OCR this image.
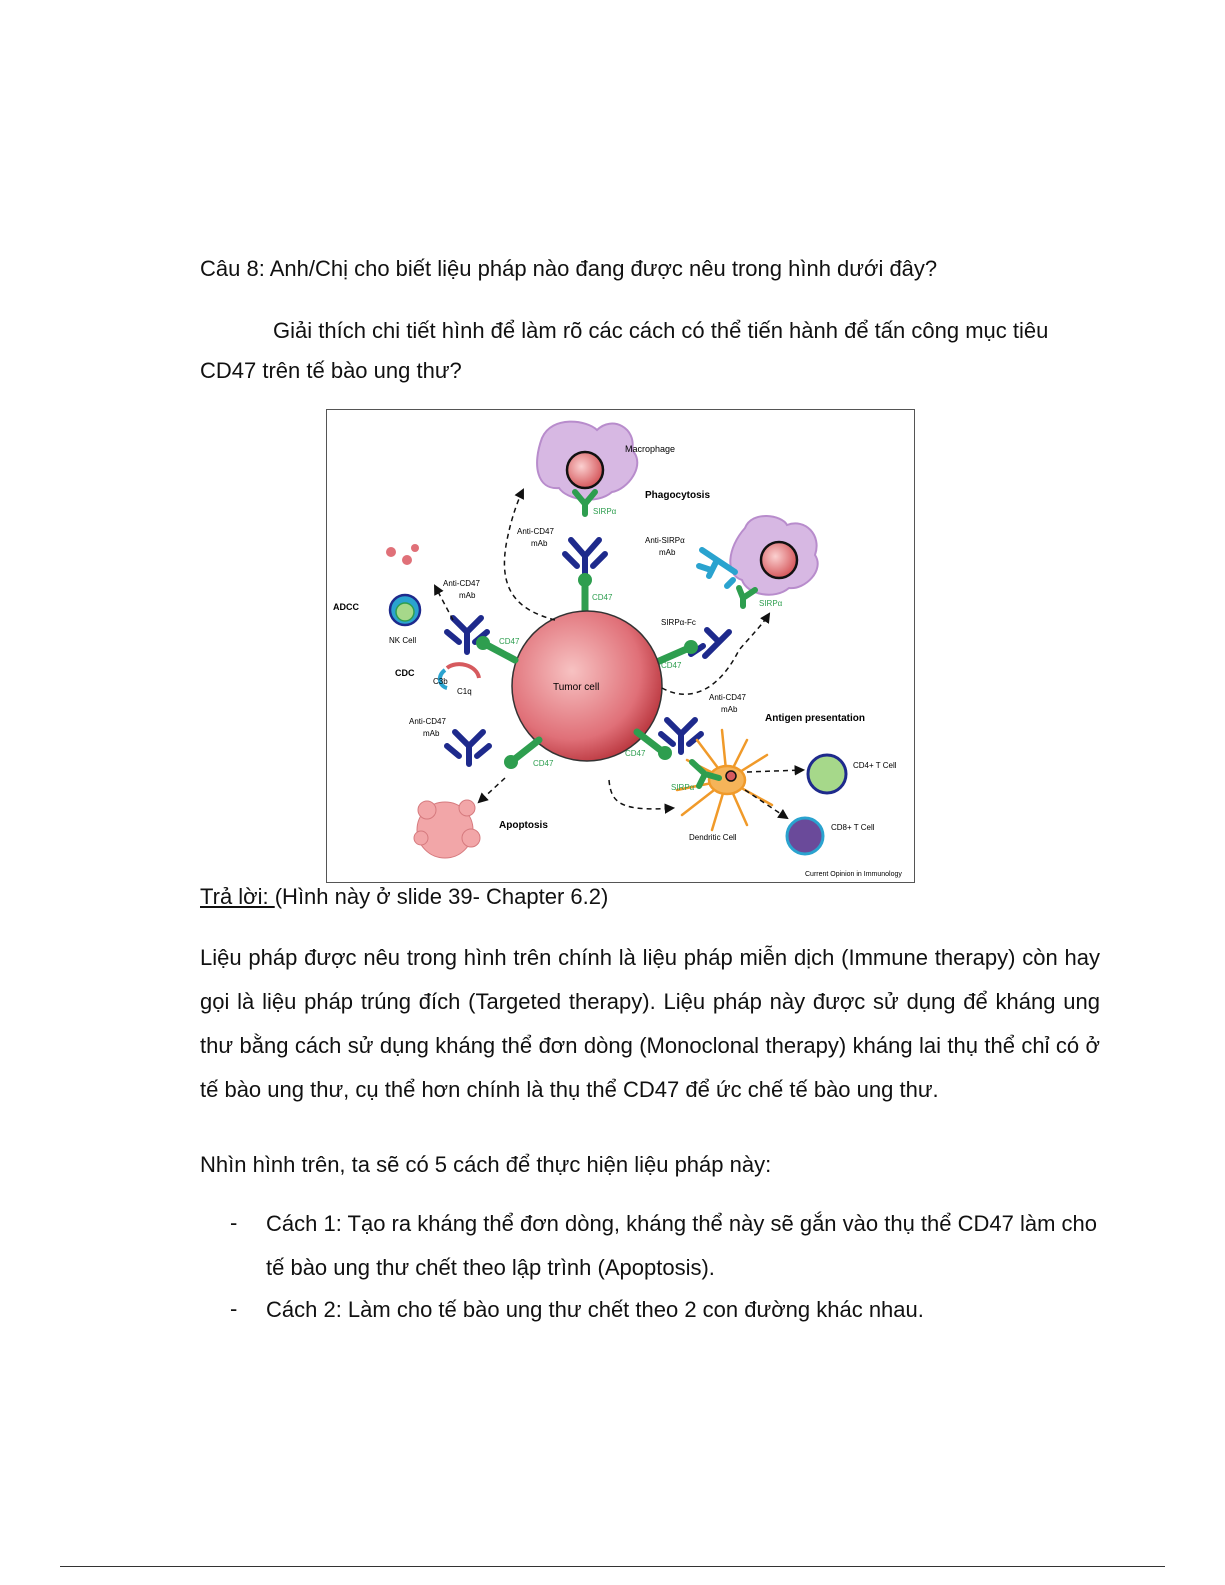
Câu 8: Anh/Chị cho biết liệu pháp nào đang được nêu trong hình dưới đây?
Giải thích chi tiết hình để làm rõ các cách có thể tiến hành để tấn công mục tiêu
CD47 trên tế bào ung thư?
Macrophage
Phagocytosis
SIRPα
Anti-CD47
mAb
CD47
SIRPα
Anti-SIRPα
mAb
SIRPα-Fc
CD47
Tumor cell
ADCC
NK Cell
Anti-CD47
mAb
CD47
CDC
C3b
C1q
Anti-CD47
mAb
CD47
Apoptosis
Anti-CD47
mAb
CD47
SIRPα
Dendritic Cell
Antigen presentation
CD4+ T Cell
CD8+ T Cell
Current Opinion in Immunology
Trả lời: (Hình này ở slide 39- Chapter 6.2)
Liệu pháp được nêu trong hình trên chính là liệu pháp miễn dịch (Immune therapy) còn hay gọi là liệu pháp trúng đích (Targeted therapy). Liệu pháp này được sử dụng để kháng ung thư bằng cách sử dụng kháng thể đơn dòng (Monoclonal therapy) kháng lai thụ thể chỉ có ở tế bào ung thư, cụ thể hơn chính là thụ thể CD47 để ức chế tế bào ung thư.
Nhìn hình trên, ta sẽ có 5 cách để thực hiện liệu pháp này:
- Cách 1: Tạo ra kháng thể đơn dòng, kháng thể này sẽ gắn vào thụ thể CD47 làm cho tế bào ung thư chết theo lập trình (Apoptosis).
- Cách 2: Làm cho tế bào ung thư chết theo 2 con đường khác nhau.
